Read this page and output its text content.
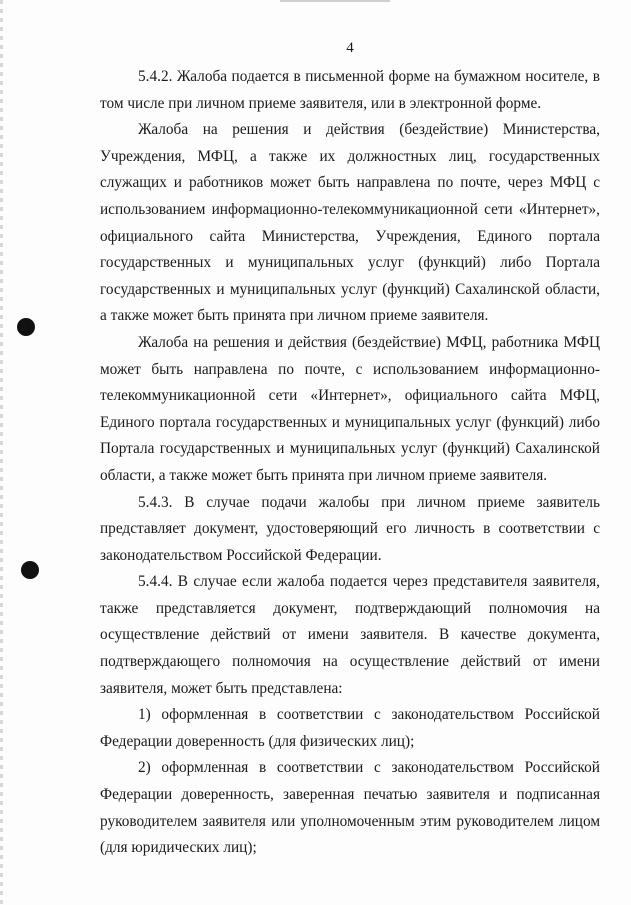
4

5.4.2. Жалоба подается в письменной форме на бумажном носителе, в том числе при личном приеме заявителя, или в электронной форме.

Жалоба на решения и действия (бездействие) Министерства, Учреждения, МФЦ, а также их должностных лиц, государственных служащих и работников может быть направлена по почте, через МФЦ с использованием информационно-телекоммуникационной сети «Интернет», официального сайта Министерства, Учреждения, Единого портала государственных и муниципальных услуг (функций) либо Портала государственных и муниципальных услуг (функций) Сахалинской области, а также может быть принята при личном приеме заявителя.

Жалоба на решения и действия (бездействие) МФЦ, работника МФЦ может быть направлена по почте, с использованием информационно-телекоммуникационной сети «Интернет», официального сайта МФЦ, Единого портала государственных и муниципальных услуг (функций) либо Портала государственных и муниципальных услуг (функций) Сахалинской области, а также может быть принята при личном приеме заявителя.

5.4.3. В случае подачи жалобы при личном приеме заявитель представляет документ, удостоверяющий его личность в соответствии с законодательством Российской Федерации.

5.4.4. В случае если жалоба подается через представителя заявителя, также представляется документ, подтверждающий полномочия на осуществление действий от имени заявителя. В качестве документа, подтверждающего полномочия на осуществление действий от имени заявителя, может быть представлена:

1) оформленная в соответствии с законодательством Российской Федерации доверенность (для физических лиц);

2) оформленная в соответствии с законодательством Российской Федерации доверенность, заверенная печатью заявителя и подписанная руководителем заявителя или уполномоченным этим руководителем лицом (для юридических лиц);
